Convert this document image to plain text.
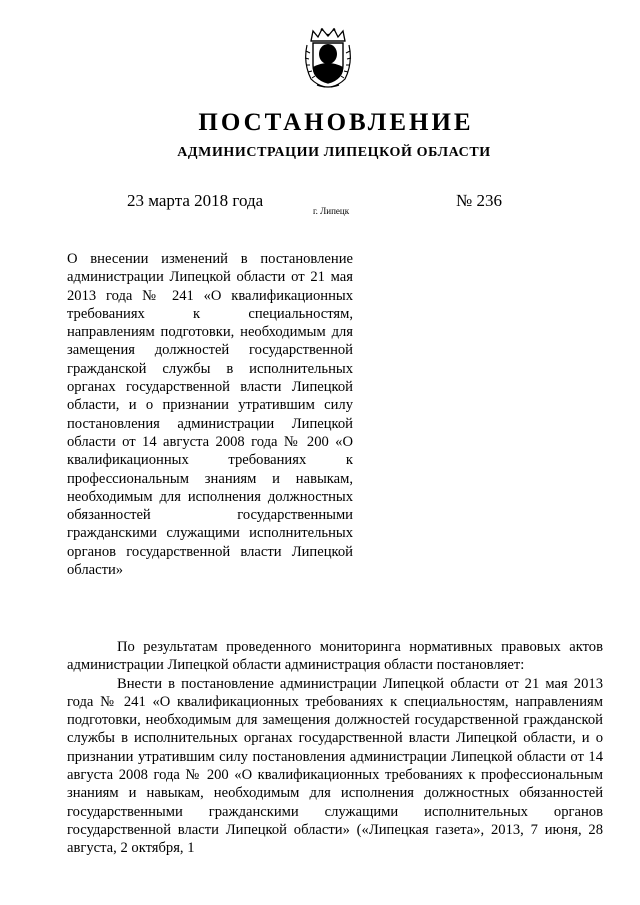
ПОСТАНОВЛЕНИЕ
АДМИНИСТРАЦИИ ЛИПЕЦКОЙ ОБЛАСТИ
23 марта 2018 года
г. Липецк
№ 236
О внесении изменений в постановление администрации Липецкой области от 21 мая 2013 года № 241 «О квалификационных требованиях к специальностям, направлениям подготовки, необходимым для замещения должностей государственной гражданской службы в исполнительных органах государственной власти Липецкой области, и о признании утратившим силу постановления администрации Липецкой области от 14 августа 2008 года № 200 «О квалификационных требованиях к профессиональным знаниям и навыкам, необходимым для исполнения должностных обязанностей государственными гражданскими служащими исполнительных органов государственной власти Липецкой области»

По результатам проведенного мониторинга нормативных правовых актов администрации Липецкой области администрация области постановляет:

Внести в постановление администрации Липецкой области от 21 мая 2013 года № 241 «О квалификационных требованиях к специальностям, направлениям подготовки, необходимым для замещения должностей государственной гражданской службы в исполнительных органах государственной власти Липецкой области, и о признании утратившим силу постановления администрации Липецкой области от 14 августа 2008 года № 200 «О квалификационных требованиях к профессиональным знаниям и навыкам, необходимым для исполнения должностных обязанностей государственными гражданскими служащими исполнительных органов государственной власти Липецкой области» («Липецкая газета», 2013, 7 июня, 28 августа, 2 октября, 1
